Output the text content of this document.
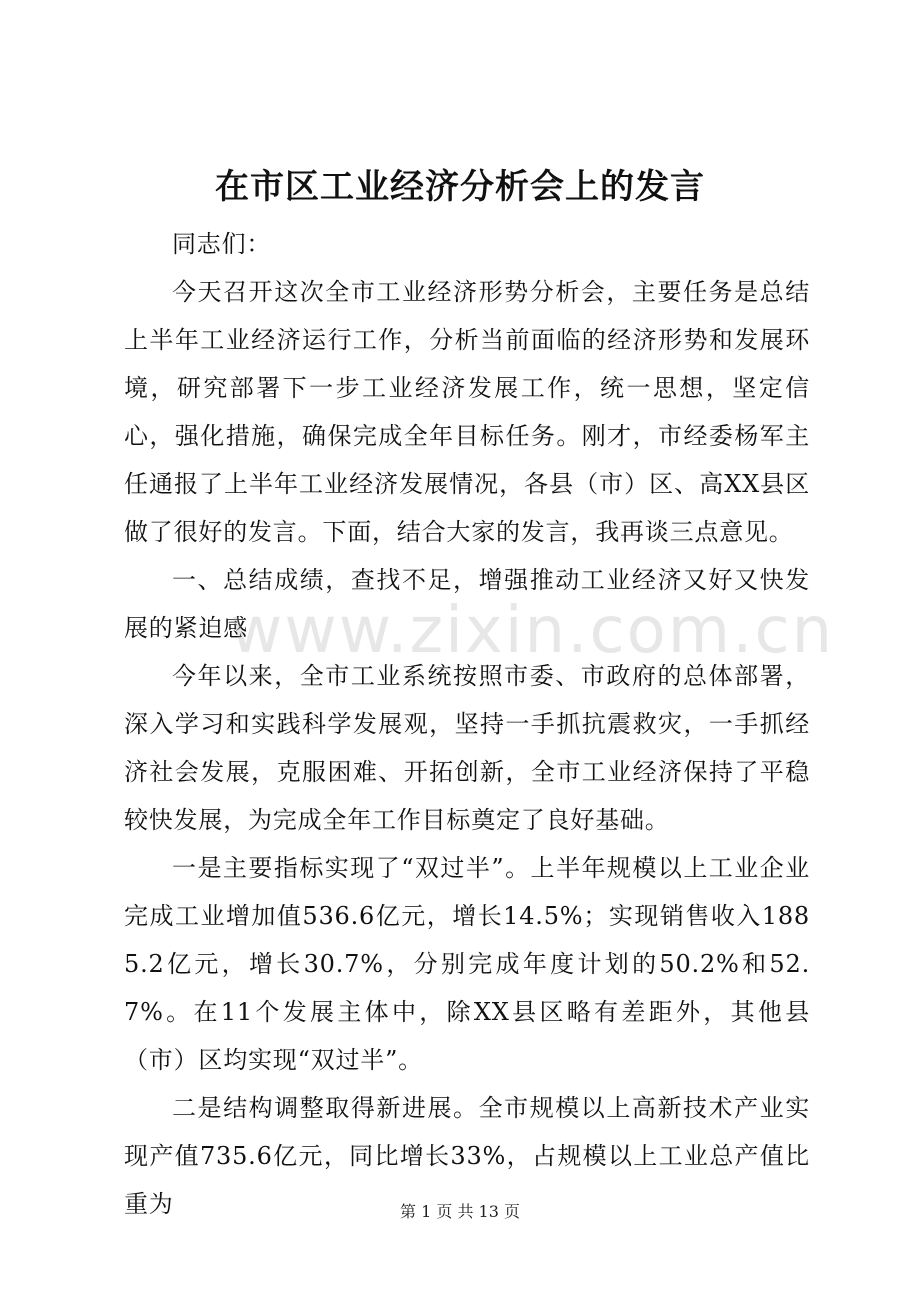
在市区工业经济分析会上的发言

同志们：

今天召开这次全市工业经济形势分析会，主要任务是总结上半年工业经济运行工作，分析当前面临的经济形势和发展环境，研究部署下一步工业经济发展工作，统一思想，坚定信心，强化措施，确保完成全年目标任务。刚才，市经委杨军主任通报了上半年工业经济发展情况，各县（市）区、高XX县区做了很好的发言。下面，结合大家的发言，我再谈三点意见。

一、总结成绩，查找不足，增强推动工业经济又好又快发展的紧迫感

今年以来，全市工业系统按照市委、市政府的总体部署，深入学习和实践科学发展观，坚持一手抓抗震救灾，一手抓经济社会发展，克服困难、开拓创新，全市工业经济保持了平稳较快发展，为完成全年工作目标奠定了良好基础。

一是主要指标实现了“双过半”。上半年规模以上工业企业完成工业增加值536.6亿元，增长14.5%；实现销售收入1885.2亿元，增长30.7%，分别完成年度计划的50.2%和52.7%。在11个发展主体中，除XX县区略有差距外，其他县（市）区均实现“双过半”。

二是结构调整取得新进展。全市规模以上高新技术产业实现产值735.6亿元，同比增长33%，占规模以上工业总产值比重为

www.zixin.com.cn
第 1 页 共 13 页
